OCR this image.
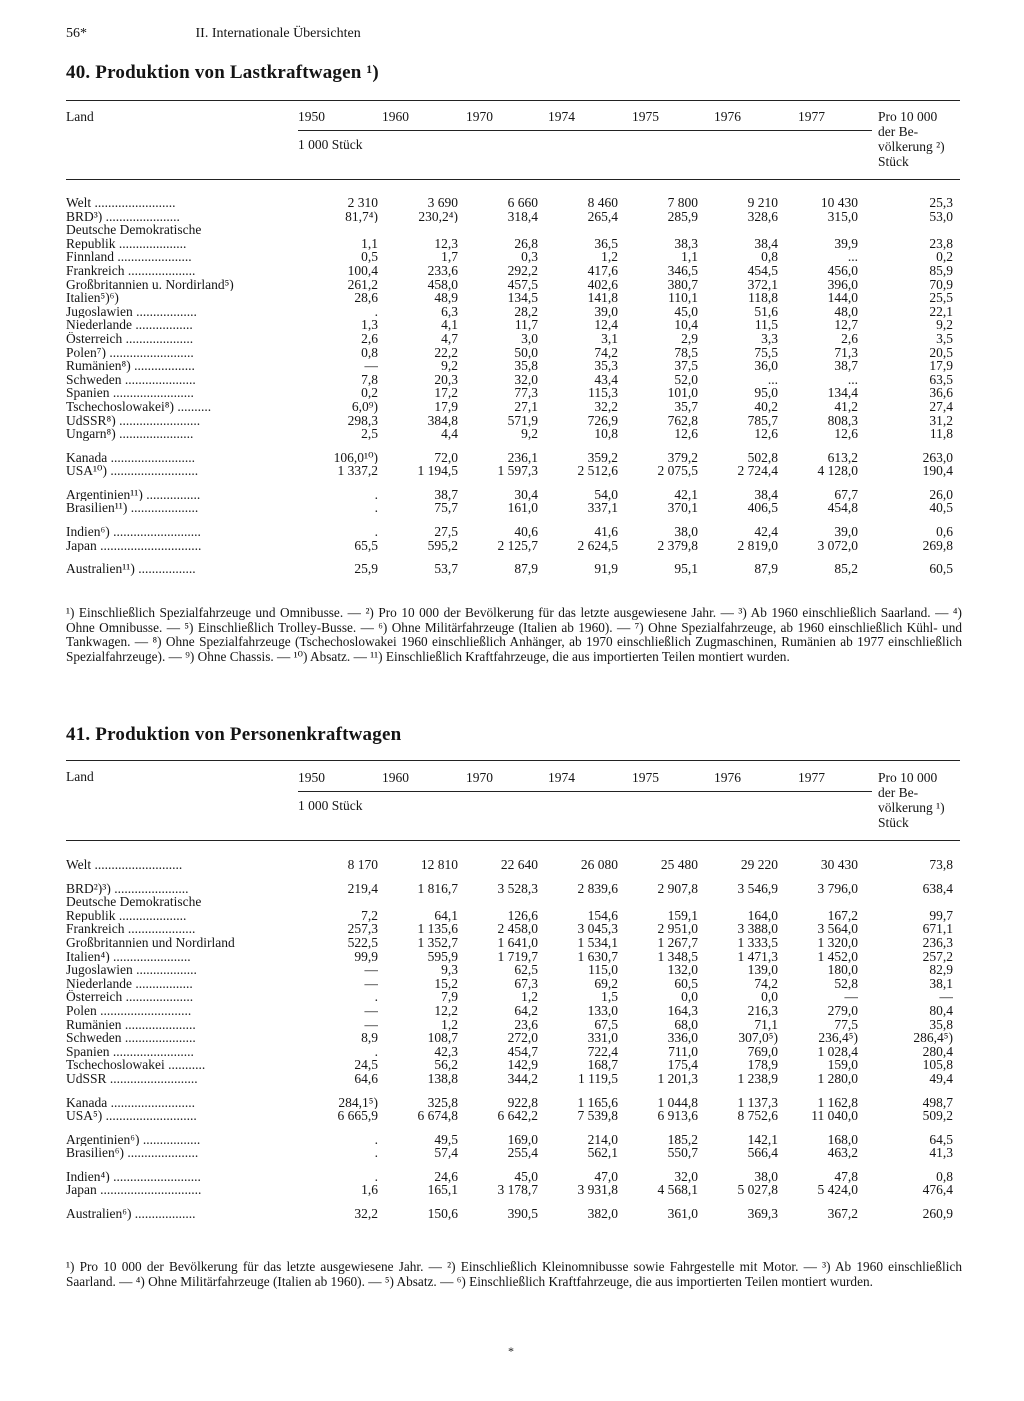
56*	II. Internationale Übersichten
40. Produktion von Lastkraftwagen ¹)
Land	1950	1960	1970	1974	1975	1976	1977
1 000 Stück
Pro 10 000
der Be-
völkerung ²)
Stück
Welt ........................	2 310	3 690	6 660	8 460	7 800	9 210	10 430	25,3
BRD³) ......................	81,7⁴)	230,2⁴)	318,4	265,4	285,9	328,6	315,0	53,0
Deutsche Demokratische								
Republik ....................	1,1	12,3	26,8	36,5	38,3	38,4	39,9	23,8
Finnland ......................	0,5	1,7	0,3	1,2	1,1	0,8	...	0,2
Frankreich ....................	100,4	233,6	292,2	417,6	346,5	454,5	456,0	85,9
Großbritannien u. Nordirland⁵)	261,2	458,0	457,5	402,6	380,7	372,1	396,0	70,9
Italien⁵)⁶)	28,6	48,9	134,5	141,8	110,1	118,8	144,0	25,5
Jugoslawien ..................	.	6,3	28,2	39,0	45,0	51,6	48,0	22,1
Niederlande .................	1,3	4,1	11,7	12,4	10,4	11,5	12,7	9,2
Österreich ....................	2,6	4,7	3,0	3,1	2,9	3,3	2,6	3,5
Polen⁷) .........................	0,8	22,2	50,0	74,2	78,5	75,5	71,3	20,5
Rumänien⁸) ..................	—	9,2	35,8	35,3	37,5	36,0	38,7	17,9
Schweden .....................	7,8	20,3	32,0	43,4	52,0	...	...	63,5
Spanien ........................	0,2	17,2	77,3	115,3	101,0	95,0	134,4	36,6
Tschechoslowakei⁸) ..........	6,0⁹)	17,9	27,1	32,2	35,7	40,2	41,2	27,4
UdSSR⁸) ........................	298,3	384,8	571,9	726,9	762,8	785,7	808,3	31,2
Ungarn⁸) ......................	2,5	4,4	9,2	10,8	12,6	12,6	12,6	11,8

Kanada .........................	106,0¹⁰)	72,0	236,1	359,2	379,2	502,8	613,2	263,0
USA¹⁰) ..........................	1 337,2	1 194,5	1 597,3	2 512,6	2 075,5	2 724,4	4 128,0	190,4

Argentinien¹¹) ................	.	38,7	30,4	54,0	42,1	38,4	67,7	26,0
Brasilien¹¹) ....................	.	75,7	161,0	337,1	370,1	406,5	454,8	40,5

Indien⁶) ..........................	.	27,5	40,6	41,6	38,0	42,4	39,0	0,6
Japan ..............................	65,5	595,2	2 125,7	2 624,5	2 379,8	2 819,0	3 072,0	269,8

Australien¹¹) .................	25,9	53,7	87,9	91,9	95,1	87,9	85,2	60,5
¹) Einschließlich Spezialfahrzeuge und Omnibusse. — ²) Pro 10 000 der Bevölkerung für das letzte ausgewiesene Jahr. — ³) Ab 1960 einschließlich Saarland. — ⁴) Ohne Omnibusse. — ⁵) Einschließlich Trolley-Busse. — ⁶) Ohne Militärfahrzeuge (Italien ab 1960). — ⁷) Ohne Spezialfahrzeuge, ab 1960 einschließlich Kühl- und Tankwagen. — ⁸) Ohne Spezialfahrzeuge (Tschechoslowakei 1960 einschließlich Anhänger, ab 1970 einschließlich Zugmaschinen, Rumänien ab 1977 einschließlich Spezialfahrzeuge). — ⁹) Ohne Chassis. — ¹⁰) Absatz. — ¹¹) Einschließlich Kraftfahrzeuge, die aus importierten Teilen montiert wurden.
41. Produktion von Personenkraftwagen
Land	1950	1960	1970	1974	1975	1976	1977
1 000 Stück
Pro 10 000
der Be-
völkerung ¹)
Stück
Welt ..........................	8 170	12 810	22 640	26 080	25 480	29 220	30 430	73,8

BRD²)³) ......................	219,4	1 816,7	3 528,3	2 839,6	2 907,8	3 546,9	3 796,0	638,4
Deutsche Demokratische								
Republik ....................	7,2	64,1	126,6	154,6	159,1	164,0	167,2	99,7
Frankreich ....................	257,3	1 135,6	2 458,0	3 045,3	2 951,0	3 388,0	3 564,0	671,1
Großbritannien und Nordirland	522,5	1 352,7	1 641,0	1 534,1	1 267,7	1 333,5	1 320,0	236,3
Italien⁴) .......................	99,9	595,9	1 719,7	1 630,7	1 348,5	1 471,3	1 452,0	257,2
Jugoslawien ..................	—	9,3	62,5	115,0	132,0	139,0	180,0	82,9
Niederlande .................	—	15,2	67,3	69,2	60,5	74,2	52,8	38,1
Österreich ....................	.	7,9	1,2	1,5	0,0	0,0	—	—
Polen ...........................	—	12,2	64,2	133,0	164,3	216,3	279,0	80,4
Rumänien .....................	—	1,2	23,6	67,5	68,0	71,1	77,5	35,8
Schweden .....................	8,9	108,7	272,0	331,0	336,0	307,0⁵)	236,4⁵)	286,4⁵)
Spanien ........................	.	42,3	454,7	722,4	711,0	769,0	1 028,4	280,4
Tschechoslowakei ...........	24,5	56,2	142,9	168,7	175,4	178,9	159,0	105,8
UdSSR ..........................	64,6	138,8	344,2	1 119,5	1 201,3	1 238,9	1 280,0	49,4

Kanada .........................	284,1⁵)	325,8	922,8	1 165,6	1 044,8	1 137,3	1 162,8	498,7
USA⁵) ...........................	6 665,9	6 674,8	6 642,2	7 539,8	6 913,6	8 752,6	11 040,0	509,2

Argentinien⁶) .................	.	49,5	169,0	214,0	185,2	142,1	168,0	64,5
Brasilien⁶) .....................	.	57,4	255,4	562,1	550,7	566,4	463,2	41,3

Indien⁴) ..........................	.	24,6	45,0	47,0	32,0	38,0	47,8	0,8
Japan ..............................	1,6	165,1	3 178,7	3 931,8	4 568,1	5 027,8	5 424,0	476,4

Australien⁶) ..................	32,2	150,6	390,5	382,0	361,0	369,3	367,2	260,9
¹) Pro 10 000 der Bevölkerung für das letzte ausgewiesene Jahr. — ²) Einschließlich Kleinomnibusse sowie Fahrgestelle mit Motor. — ³) Ab 1960 einschließlich Saarland. — ⁴) Ohne Militärfahrzeuge (Italien ab 1960). — ⁵) Absatz. — ⁶) Einschließlich Kraftfahrzeuge, die aus importierten Teilen montiert wurden.
*
